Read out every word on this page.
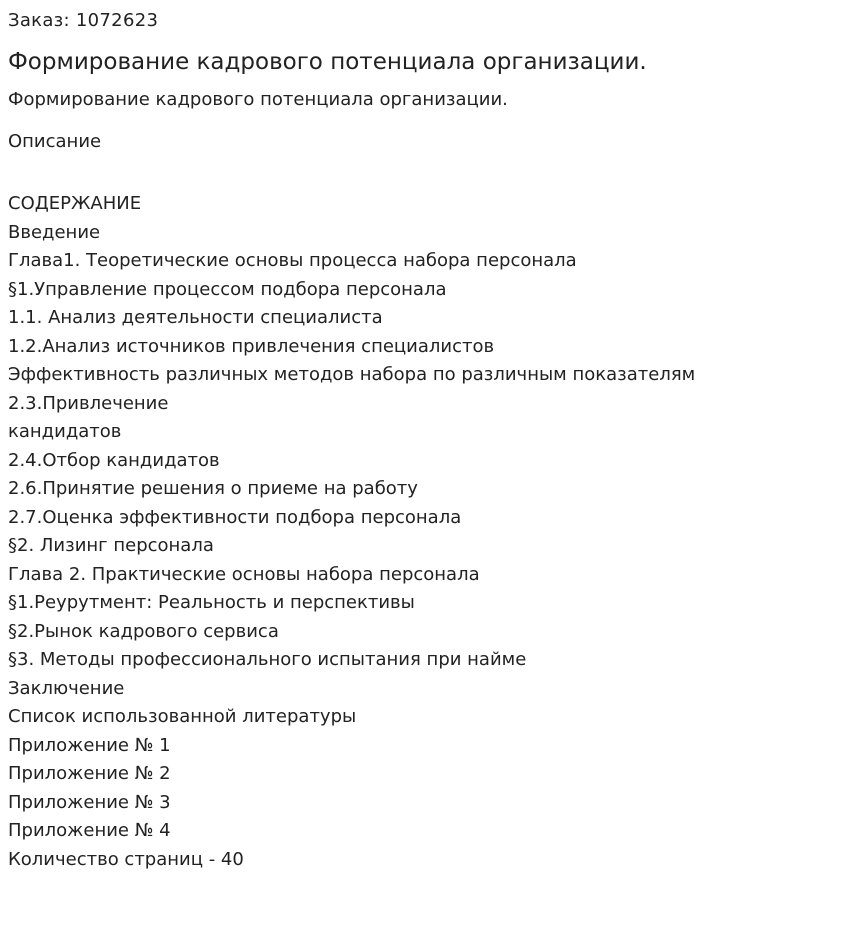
Заказ: 1072623
Формирование кадрового потенциала организации.

Формирование кадрового потенциала организации.

Описание
СОДЕРЖАНИЕ
Введение
Глава1. Теоретические основы процесса набора персонала
§1.Управление процессом подбора персонала
1.1. Анализ деятельности специалиста
1.2.Анализ источников привлечения специалистов
Эффективность различных методов набора по различным показателям
2.3.Привлечение
кандидатов
2.4.Отбор кандидатов
2.6.Принятие решения о приеме на работу
2.7.Оценка эффективности подбора персонала
§2. Лизинг персонала
Глава 2. Практические основы набора персонала
§1.Реурутмент: Реальность и перспективы
§2.Рынок кадрового сервиса
§3. Методы профессионального испытания при найме
Заключение
Список использованной литературы
Приложение № 1
Приложение № 2
Приложение № 3
Приложение № 4
Количество страниц - 40
